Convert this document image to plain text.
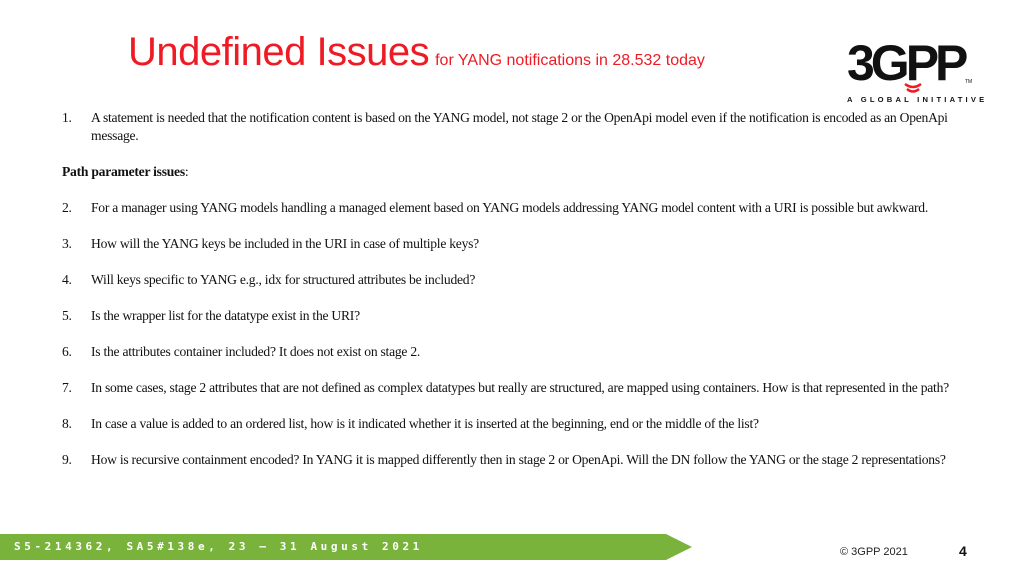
Undefined Issues for YANG notifications in 28.532 today	3GPP TM
A GLOBAL INITIATIVE
1.	A statement is needed that the notification content is based on the YANG model, not stage 2 or the OpenApi model even if the notification is encoded as an OpenApi message.
Path parameter issues:
2.	For a manager using YANG models handling a managed element based on YANG models addressing YANG model content with a URI is possible but awkward.
3.	How will the YANG keys be included in the URI in case of multiple keys?
4.	Will keys specific to YANG e.g., idx for structured attributes be included?
5.	Is the wrapper list for the datatype exist in the URI?
6.	Is the attributes container included? It does not exist on stage 2.
7.	In some cases, stage 2 attributes that are not defined as complex datatypes but really are structured, are mapped using containers. How is that represented in the path?
8.	In case a value is added to an ordered list, how is it indicated whether it is inserted at the beginning, end or the middle of the list?
9.	How is recursive containment encoded? In YANG it is mapped differently then in stage 2 or OpenApi. Will the DN follow the YANG or the stage 2 representations?
S5-214362, SA5#138e, 23 – 31 August 2021	© 3GPP 2021	4
